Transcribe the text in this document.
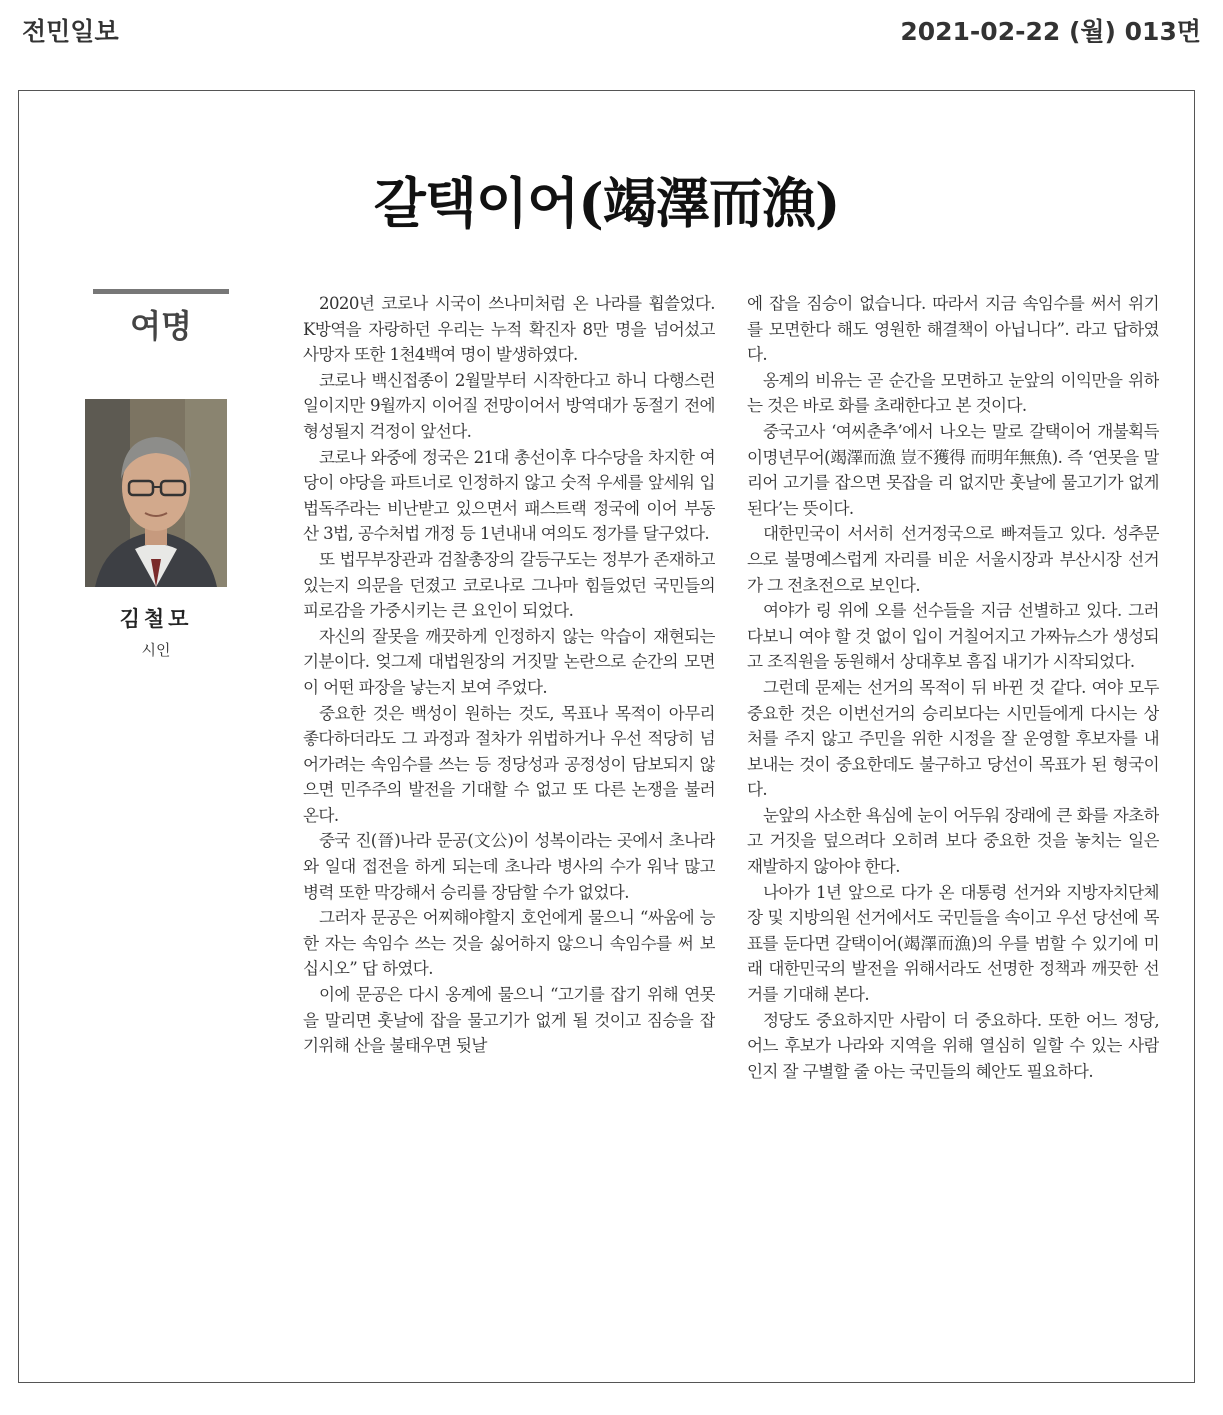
전민일보	2021-02-22 (월) 013면
갈택이어(竭澤而漁)
여명
김철모
시인

2020년 코로나 시국이 쓰나미처럼 온 나라를 휩쓸었다. K방역을 자랑하던 우리는 누적 확진자 8만 명을 넘어섰고 사망자 또한 1천4백여 명이 발생하였다.

코로나 백신접종이 2월말부터 시작한다고 하니 다행스런 일이지만 9월까지 이어질 전망이어서 방역대가 동절기 전에 형성될지 걱정이 앞선다.

코로나 와중에 정국은 21대 총선이후 다수당을 차지한 여당이 야당을 파트너로 인정하지 않고 숫적 우세를 앞세워 입법독주라는 비난받고 있으면서 패스트랙 정국에 이어 부동산 3법, 공수처법 개정 등 1년내내 여의도 정가를 달구었다.

또 법무부장관과 검찰총장의 갈등구도는 정부가 존재하고 있는지 의문을 던졌고 코로나로 그나마 힘들었던 국민들의 피로감을 가중시키는 큰 요인이 되었다.

자신의 잘못을 깨끗하게 인정하지 않는 악습이 재현되는 기분이다. 엊그제 대법원장의 거짓말 논란으로 순간의 모면이 어떤 파장을 낳는지 보여 주었다.

중요한 것은 백성이 원하는 것도, 목표나 목적이 아무리 좋다하더라도 그 과정과 절차가 위법하거나 우선 적당히 넘어가려는 속임수를 쓰는 등 정당성과 공정성이 담보되지 않으면 민주주의 발전을 기대할 수 없고 또 다른 논쟁을 불러온다.

중국 진(晉)나라 문공(文公)이 성복이라는 곳에서 초나라와 일대 접전을 하게 되는데 초나라 병사의 수가 워낙 많고 병력 또한 막강해서 승리를 장담할 수가 없었다.

그러자 문공은 어찌해야할지 호언에게 물으니 “싸움에 능한 자는 속임수 쓰는 것을 싫어하지 않으니 속임수를 써 보십시오” 답 하였다.

이에 문공은 다시 옹계에 물으니 “고기를 잡기 위해 연못을 말리면 훗날에 잡을 물고기가 없게 될 것이고 짐승을 잡기위해 산을 불태우면 뒷날

에 잡을 짐승이 없습니다. 따라서 지금 속임수를 써서 위기를 모면한다 해도 영원한 해결책이 아닙니다”. 라고 답하였다.

옹계의 비유는 곧 순간을 모면하고 눈앞의 이익만을 위하는 것은 바로 화를 초래한다고 본 것이다.

중국고사 ‘여씨춘추’에서 나오는 말로 갈택이어 개불획득 이명년무어(竭澤而漁 豈不獲得 而明年無魚). 즉 ‘연못을 말리어 고기를 잡으면 못잡을 리 없지만 훗날에 물고기가 없게 된다’는 뜻이다.

대한민국이 서서히 선거정국으로 빠져들고 있다. 성추문으로 불명예스럽게 자리를 비운 서울시장과 부산시장 선거가 그 전초전으로 보인다.

여야가 링 위에 오를 선수들을 지금 선별하고 있다. 그러다보니 여야 할 것 없이 입이 거칠어지고 가짜뉴스가 생성되고 조직원을 동원해서 상대후보 흠집 내기가 시작되었다.

그런데 문제는 선거의 목적이 뒤 바뀐 것 같다. 여야 모두 중요한 것은 이번선거의 승리보다는 시민들에게 다시는 상처를 주지 않고 주민을 위한 시정을 잘 운영할 후보자를 내보내는 것이 중요한데도 불구하고 당선이 목표가 된 형국이다.

눈앞의 사소한 욕심에 눈이 어두워 장래에 큰 화를 자초하고 거짓을 덮으려다 오히려 보다 중요한 것을 놓치는 일은 재발하지 않아야 한다.

나아가 1년 앞으로 다가 온 대통령 선거와 지방자치단체장 및 지방의원 선거에서도 국민들을 속이고 우선 당선에 목표를 둔다면 갈택이어(竭澤而漁)의 우를 범할 수 있기에 미래 대한민국의 발전을 위해서라도 선명한 정책과 깨끗한 선거를 기대해 본다.

정당도 중요하지만 사람이 더 중요하다. 또한 어느 정당, 어느 후보가 나라와 지역을 위해 열심히 일할 수 있는 사람인지 잘 구별할 줄 아는 국민들의 혜안도 필요하다.
